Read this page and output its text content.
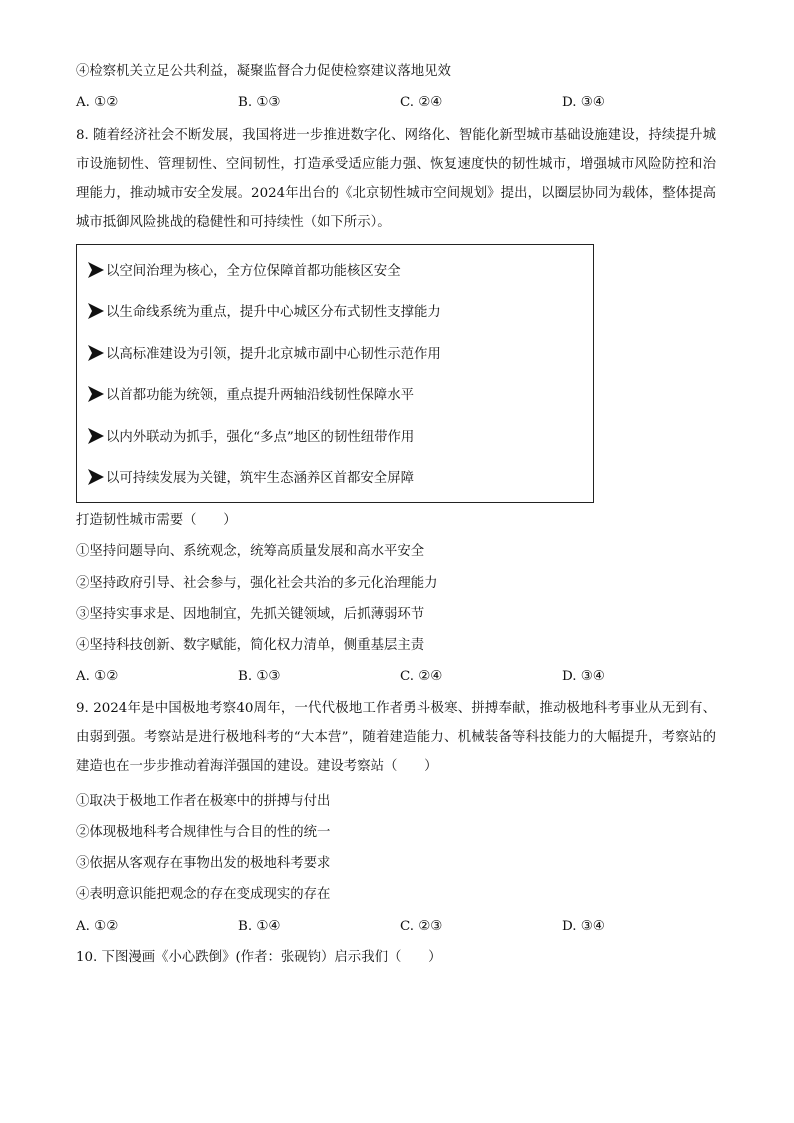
④检察机关立足公共利益，凝聚监督合力促使检察建议落地见效
A. ①②	B. ①③	C. ②④	D. ③④
8. 随着经济社会不断发展，我国将进一步推进数字化、网络化、智能化新型城市基础设施建设，持续提升城市设施韧性、管理韧性、空间韧性，打造承受适应能力强、恢复速度快的韧性城市，增强城市风险防控和治理能力，推动城市安全发展。2024年出台的《北京韧性城市空间规划》提出，以圈层协同为载体，整体提高城市抵御风险挑战的稳健性和可持续性（如下所示）。
以空间治理为核心，全方位保障首都功能核区安全
以生命线系统为重点，提升中心城区分布式韧性支撑能力
以高标准建设为引领，提升北京城市副中心韧性示范作用
以首都功能为统领，重点提升两轴沿线韧性保障水平
以内外联动为抓手，强化“多点”地区的韧性纽带作用
以可持续发展为关键，筑牢生态涵养区首都安全屏障
打造韧性城市需要（　　）
①坚持问题导向、系统观念，统筹高质量发展和高水平安全
②坚持政府引导、社会参与，强化社会共治的多元化治理能力
③坚持实事求是、因地制宜，先抓关键领域，后抓薄弱环节
④坚持科技创新、数字赋能，简化权力清单，侧重基层主责
A. ①②	B. ①③	C. ②④	D. ③④
9. 2024年是中国极地考察40周年，一代代极地工作者勇斗极寒、拼搏奉献，推动极地科考事业从无到有、由弱到强。考察站是进行极地科考的“大本营”，随着建造能力、机械装备等科技能力的大幅提升，考察站的建造也在一步步推动着海洋强国的建设。建设考察站（　　）
①取决于极地工作者在极寒中的拼搏与付出
②体现极地科考合规律性与合目的性的统一
③依据从客观存在事物出发的极地科考要求
④表明意识能把观念的存在变成现实的存在
A. ①②	B. ①④	C. ②③	D. ③④
10. 下图漫画《小心跌倒》(作者：张砚钧）启示我们（　　）
